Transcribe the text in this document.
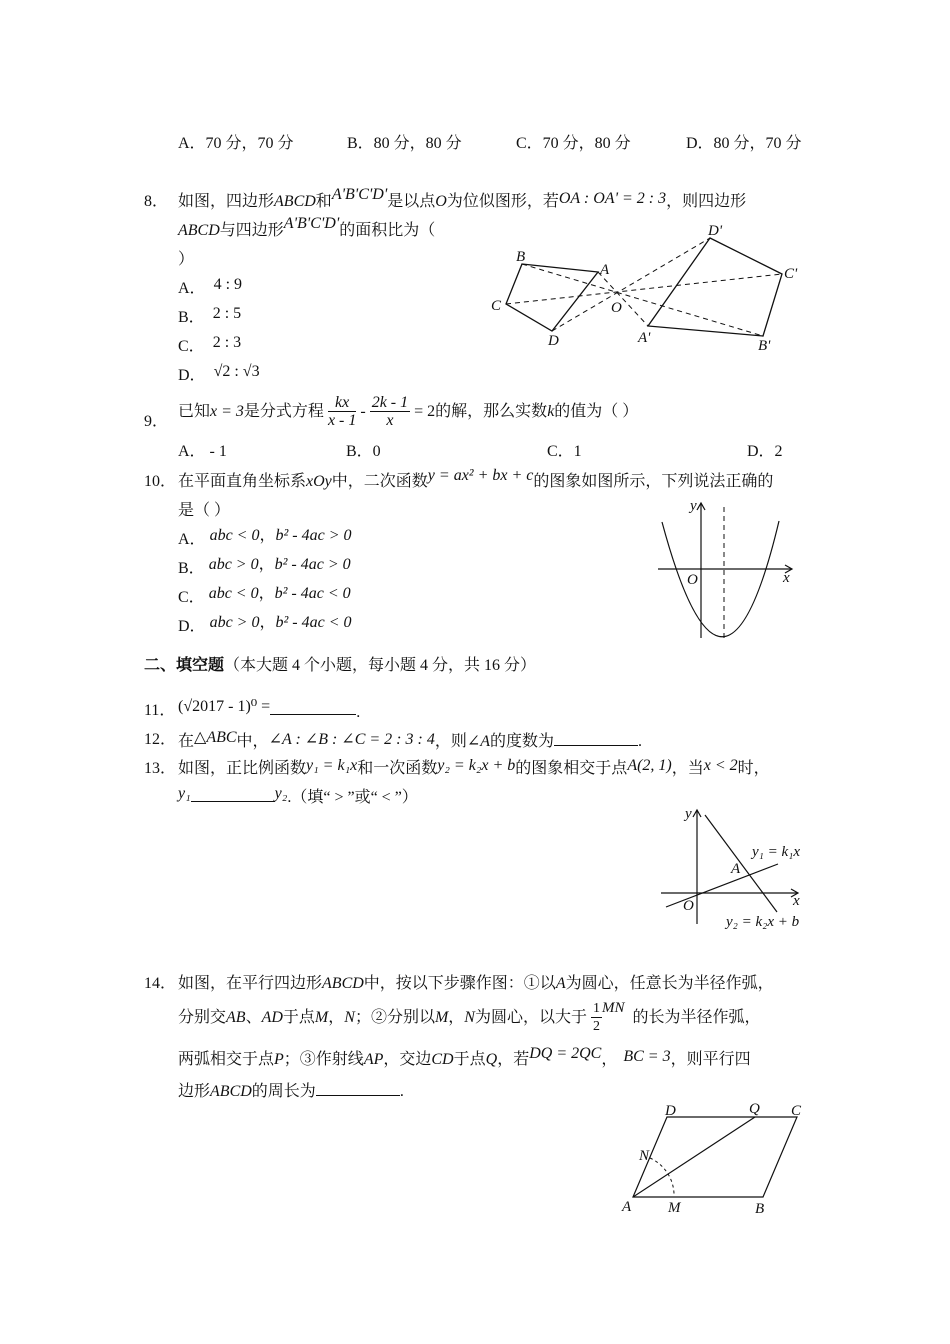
A．70 分，70 分	B．80 分，80 分	C．70 分，80 分	D．80 分，70 分
8． 如图，四边形ABCD和A'B'C'D'是以点O为位似图形，若OA : OA' = 2 : 3，则四边形
ABCD与四边形A'B'C'D'的面积比为（
）
A． 4 : 9
B． 2 : 5
C． 2 : 3
D． √2 : √3
B
A
C
D
O
D'
C'
A'	B'
9．
已知x = 3是分式方程 $\frac{kx}{x - 1} - \frac{2k - 1}{x} = 2$的解，那么实数k的值为（ ）
A． - 1	B．0	C．1	D．2
10． 在平面直角坐标系xOy中，二次函数y = ax² + bx + c的图象如图所示，下列说法正确的
是（ ）
A． abc < 0，b² - 4ac > 0
B． abc > 0，b² - 4ac > 0
C． abc < 0，b² - 4ac < 0
D． abc > 0，b² - 4ac < 0
y
x
O
二、填空题（本大题 4 个小题，每小题 4 分，共 16 分）
11． (√2017 - 1)⁰ =	.
12． 在△ABC中，∠A : ∠B : ∠C = 2 : 3 : 4，则∠A的度数为	.
13． 如图，正比例函数y₁ = k₁x和一次函数y₂ = k₂x + b的图象相交于点A(2, 1)，当x < 2时，
y₁	y₂.（填“ > ”或“ < ”）
y
x
O
A
y₁ = k₁x
y₂ = k₂x + b
14． 如图，在平行四边形ABCD中，按以下步骤作图：①以A为圆心，任意长为半径作弧，
分别交AB、AD于点M，N；②分别以M，N为圆心，以大于 $\frac{1}{2}$ MN 的长为半径作弧，
两弧相交于点P；③作射线AP，交边CD于点Q，若DQ = 2QC， BC = 3，则平行四
边形ABCD的周长为	.
D	Q C
N
A M	B
